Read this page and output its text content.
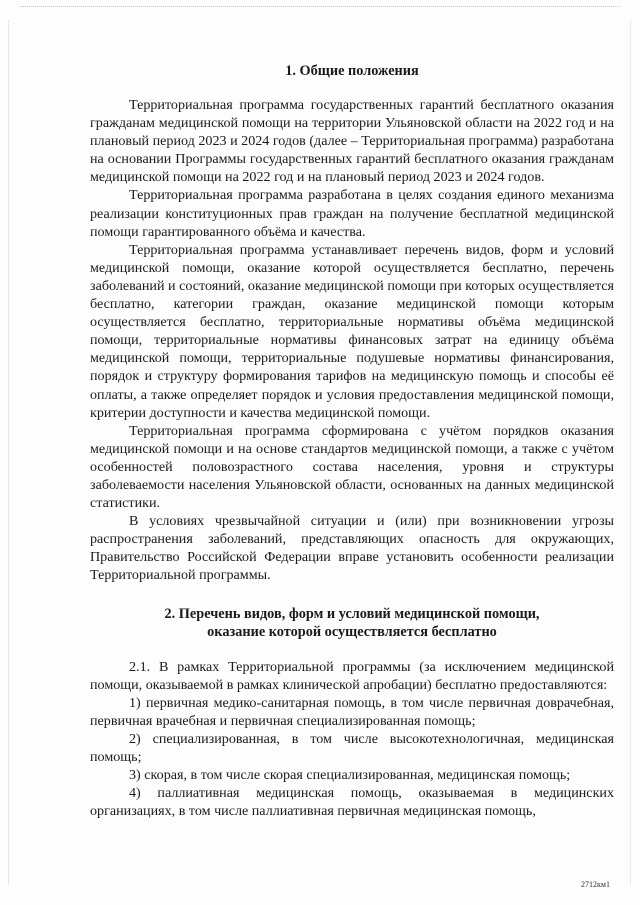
1. Общие положения

Территориальная программа государственных гарантий бесплатного оказания гражданам медицинской помощи на территории Ульяновской области на 2022 год и на плановый период 2023 и 2024 годов (далее – Территориальная программа) разработана на основании Программы государственных гарантий бесплатного оказания гражданам медицинской помощи на 2022 год и на плановый период 2023 и 2024 годов.

Территориальная программа разработана в целях создания единого механизма реализации конституционных прав граждан на получение бесплатной медицинской помощи гарантированного объёма и качества.

Территориальная программа устанавливает перечень видов, форм и условий медицинской помощи, оказание которой осуществляется бесплатно, перечень заболеваний и состояний, оказание медицинской помощи при которых осуществляется бесплатно, категории граждан, оказание медицинской помощи которым осуществляется бесплатно, территориальные нормативы объёма медицинской помощи, территориальные нормативы финансовых затрат на единицу объёма медицинской помощи, территориальные подушевые нормативы финансирования, порядок и структуру формирования тарифов на медицинскую помощь и способы её оплаты, а также определяет порядок и условия предоставления медицинской помощи, критерии доступности и качества медицинской помощи.

Территориальная программа сформирована с учётом порядков оказания медицинской помощи и на основе стандартов медицинской помощи, а также с учётом особенностей половозрастного состава населения, уровня и структуры заболеваемости населения Ульяновской области, основанных на данных медицинской статистики.

В условиях чрезвычайной ситуации и (или) при возникновении угрозы распространения заболеваний, представляющих опасность для окружающих, Правительство Российской Федерации вправе установить особенности реализации Территориальной программы.

2. Перечень видов, форм и условий медицинской помощи,
оказание которой осуществляется бесплатно

2.1. В рамках Территориальной программы (за исключением медицинской помощи, оказываемой в рамках клинической апробации) бесплатно предоставляются:

1) первичная медико-санитарная помощь, в том числе первичная доврачебная, первичная врачебная и первичная специализированная помощь;

2) специализированная, в том числе высокотехнологичная, медицинская помощь;

3) скорая, в том числе скорая специализированная, медицинская помощь;

4) паллиативная медицинская помощь, оказываемая в медицинских организациях, в том числе паллиативная первичная медицинская помощь,

2712км1
